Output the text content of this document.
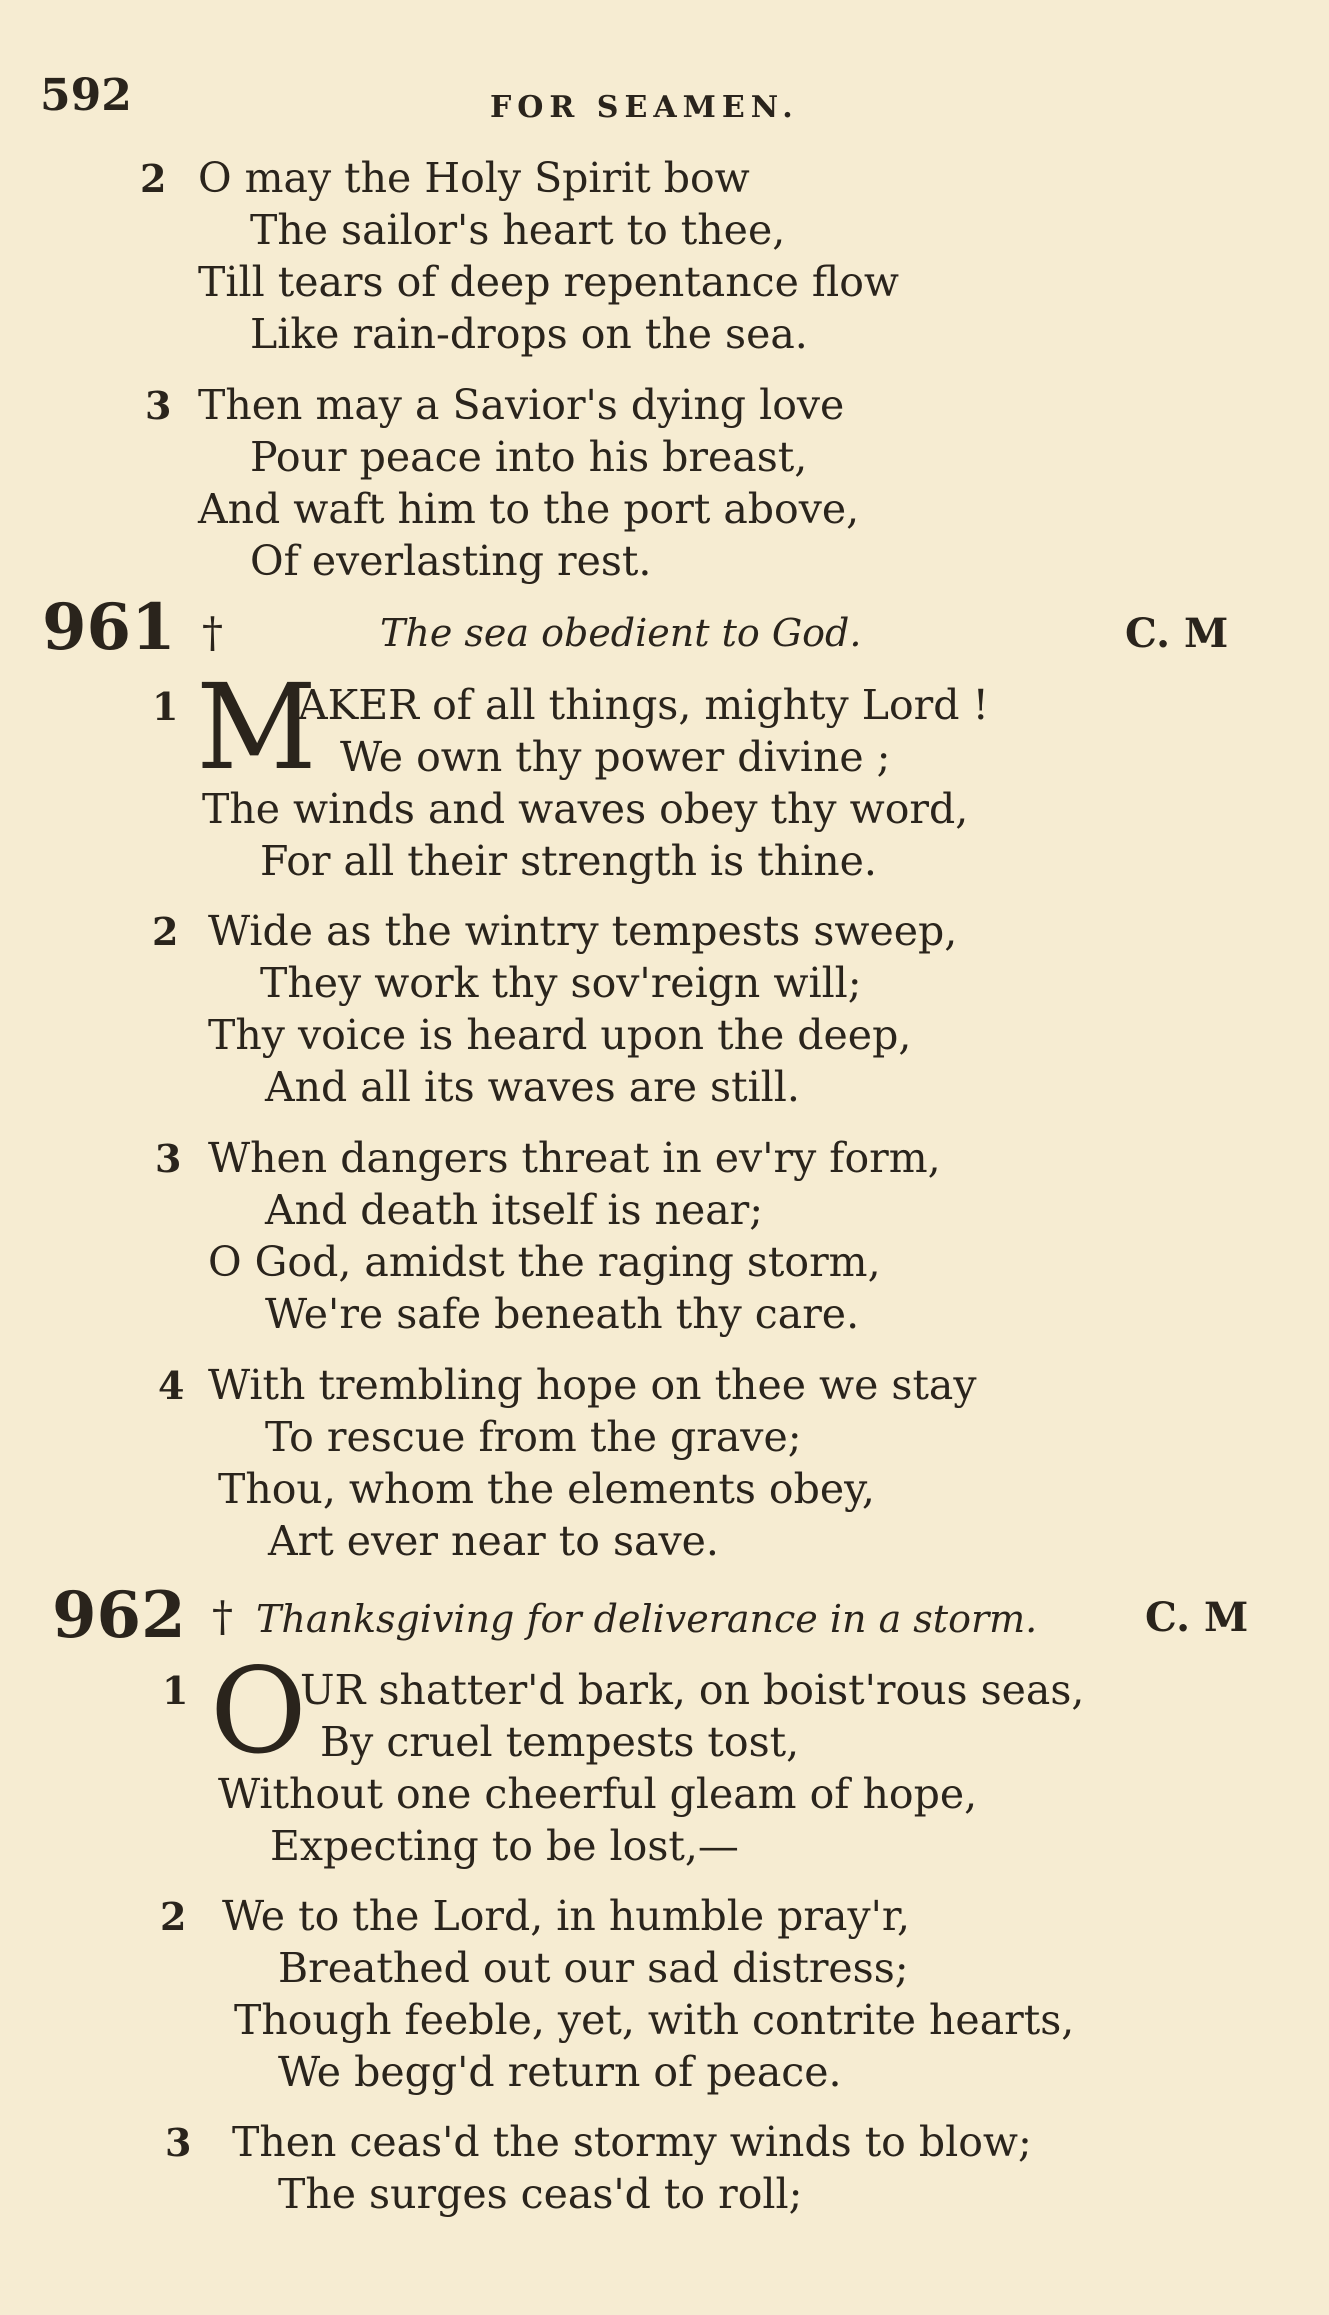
592	FOR SEAMEN.
2 O may the Holy Spirit bow
The sailor's heart to thee,
Till tears of deep repentance flow
Like rain-drops on the sea.
3 Then may a Savior's dying love
Pour peace into his breast,
And waft him to the port above,
Of everlasting rest.
961 †	The sea obedient to God.	C. M
1 M
AKER of all things, mighty Lord !
We own thy power divine ;
The winds and waves obey thy word,
For all their strength is thine.
2 Wide as the wintry tempests sweep,
They work thy sov'reign will;
Thy voice is heard upon the deep,
And all its waves are still.
3 When dangers threat in ev'ry form,
And death itself is near;
O God, amidst the raging storm,
We're safe beneath thy care.
4 With trembling hope on thee we stay
To rescue from the grave;
Thou, whom the elements obey,
Art ever near to save.
962 † Thanksgiving for deliverance in a storm.	C. M
1 O
UR shatter'd bark, on boist'rous seas,
By cruel tempests tost,
Without one cheerful gleam of hope,
Expecting to be lost,—
2 We to the Lord, in humble pray'r,
Breathed out our sad distress;
Though feeble, yet, with contrite hearts,
We begg'd return of peace.
3 Then ceas'd the stormy winds to blow;
The surges ceas'd to roll;
